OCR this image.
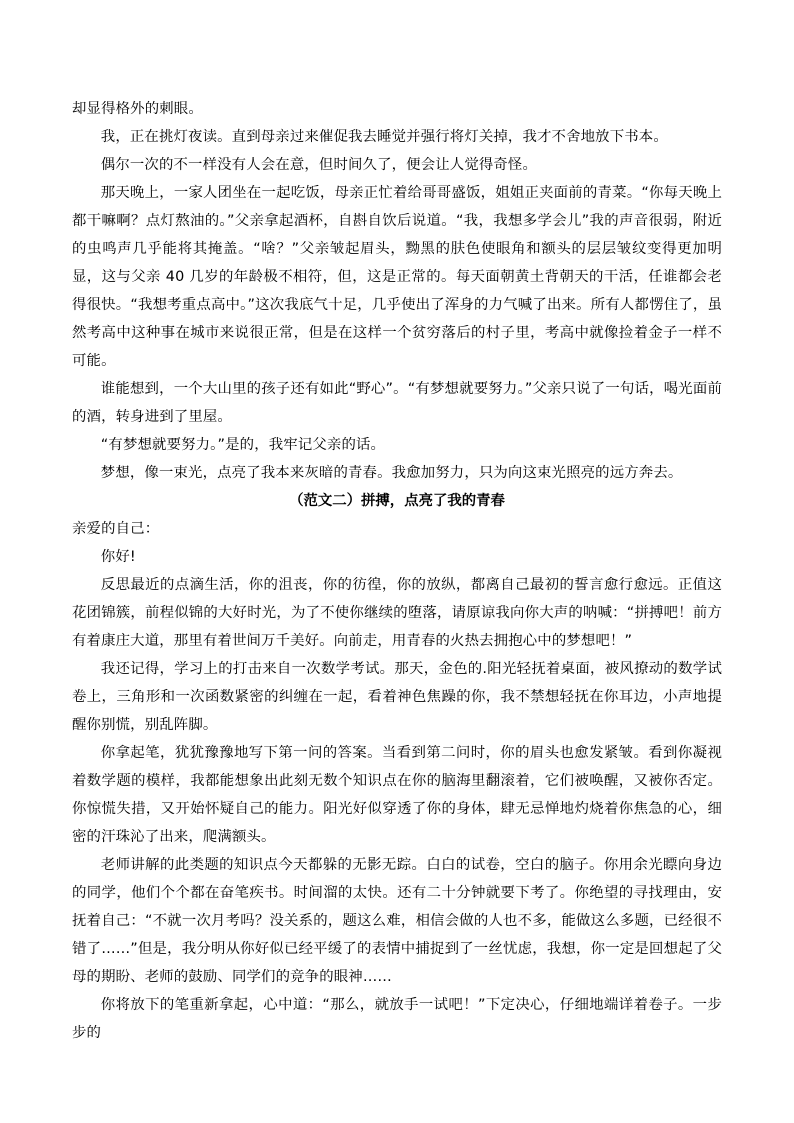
却显得格外的刺眼。

我，正在挑灯夜读。直到母亲过来催促我去睡觉并强行将灯关掉，我才不舍地放下书本。

偶尔一次的不一样没有人会在意，但时间久了，便会让人觉得奇怪。

那天晚上，一家人团坐在一起吃饭，母亲正忙着给哥哥盛饭，姐姐正夹面前的青菜。“你每天晚上都干嘛啊？点灯熬油的。”父亲拿起酒杯，自斟自饮后说道。“我，我想多学会儿”我的声音很弱，附近的虫鸣声几乎能将其掩盖。“啥？”父亲皱起眉头，黝黑的肤色使眼角和额头的层层皱纹变得更加明显，这与父亲 40 几岁的年龄极不相符，但，这是正常的。每天面朝黄土背朝天的干活，任谁都会老得很快。“我想考重点高中。”这次我底气十足，几乎使出了浑身的力气喊了出来。所有人都愣住了，虽然考高中这种事在城市来说很正常，但是在这样一个贫穷落后的村子里，考高中就像捡着金子一样不可能。

谁能想到，一个大山里的孩子还有如此“野心”。“有梦想就要努力。”父亲只说了一句话，喝光面前的酒，转身进到了里屋。

“有梦想就要努力。”是的，我牢记父亲的话。

梦想，像一束光，点亮了我本来灰暗的青春。我愈加努力，只为向这束光照亮的远方奔去。

（范文二）拼搏，点亮了我的青春

亲爱的自己：

你好!

反思最近的点滴生活，你的沮丧，你的彷徨，你的放纵，都离自己最初的誓言愈行愈远。正值这花团锦簇，前程似锦的大好时光，为了不使你继续的堕落，请原谅我向你大声的呐喊：“拼搏吧！前方有着康庄大道，那里有着世间万千美好。向前走，用青春的火热去拥抱心中的梦想吧！”

我还记得，学习上的打击来自一次数学考试。那天，金色的.阳光轻抚着桌面，被风撩动的数学试卷上，三角形和一次函数紧密的纠缠在一起，看着神色焦躁的你，我不禁想轻抚在你耳边，小声地提醒你别慌，别乱阵脚。

你拿起笔，犹犹豫豫地写下第一问的答案。当看到第二问时，你的眉头也愈发紧皱。看到你凝视着数学题的模样，我都能想象出此刻无数个知识点在你的脑海里翻滚着，它们被唤醒，又被你否定。你惊慌失措，又开始怀疑自己的能力。阳光好似穿透了你的身体，肆无忌惮地灼烧着你焦急的心，细密的汗珠沁了出来，爬满额头。

老师讲解的此类题的知识点今天都躲的无影无踪。白白的试卷，空白的脑子。你用余光瞟向身边的同学，他们个个都在奋笔疾书。时间溜的太快。还有二十分钟就要下考了。你绝望的寻找理由，安抚着自己：“不就一次月考吗？没关系的，题这么难，相信会做的人也不多，能做这么多题，已经很不错了……”但是，我分明从你好似已经平缓了的表情中捕捉到了一丝忧虑，我想，你一定是回想起了父母的期盼、老师的鼓励、同学们的竞争的眼神……

你将放下的笔重新拿起，心中道：“那么，就放手一试吧！”下定决心，仔细地端详着卷子。一步步的
